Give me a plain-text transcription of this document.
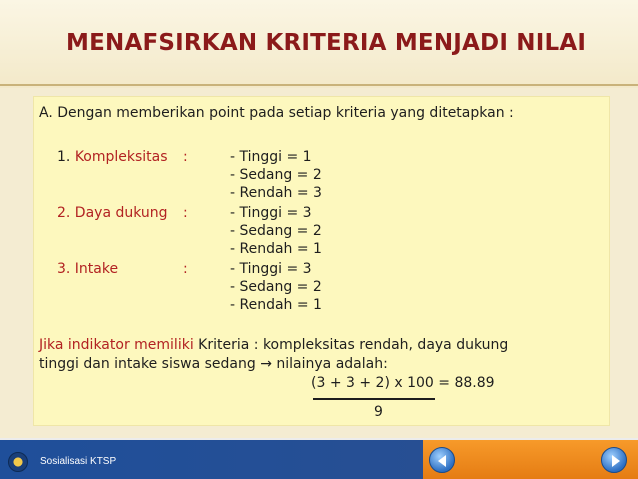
MENAFSIRKAN KRITERIA MENJADI NILAI
A. Dengan memberikan point pada setiap kriteria yang ditetapkan :
1. Kompleksitas :	- Tinggi = 1
- Sedang = 2
- Rendah = 3
2. Daya dukung :	- Tinggi = 3
- Sedang = 2
- Rendah = 1
3. Intake	:	- Tinggi = 3
- Sedang = 2
- Rendah = 1
Jika indikator memiliki Kriteria : kompleksitas rendah, daya dukung
tinggi dan intake siswa sedang → nilainya adalah:
(3 + 3 + 2) x 100 = 88.89
9
Sosialisasi KTSP
